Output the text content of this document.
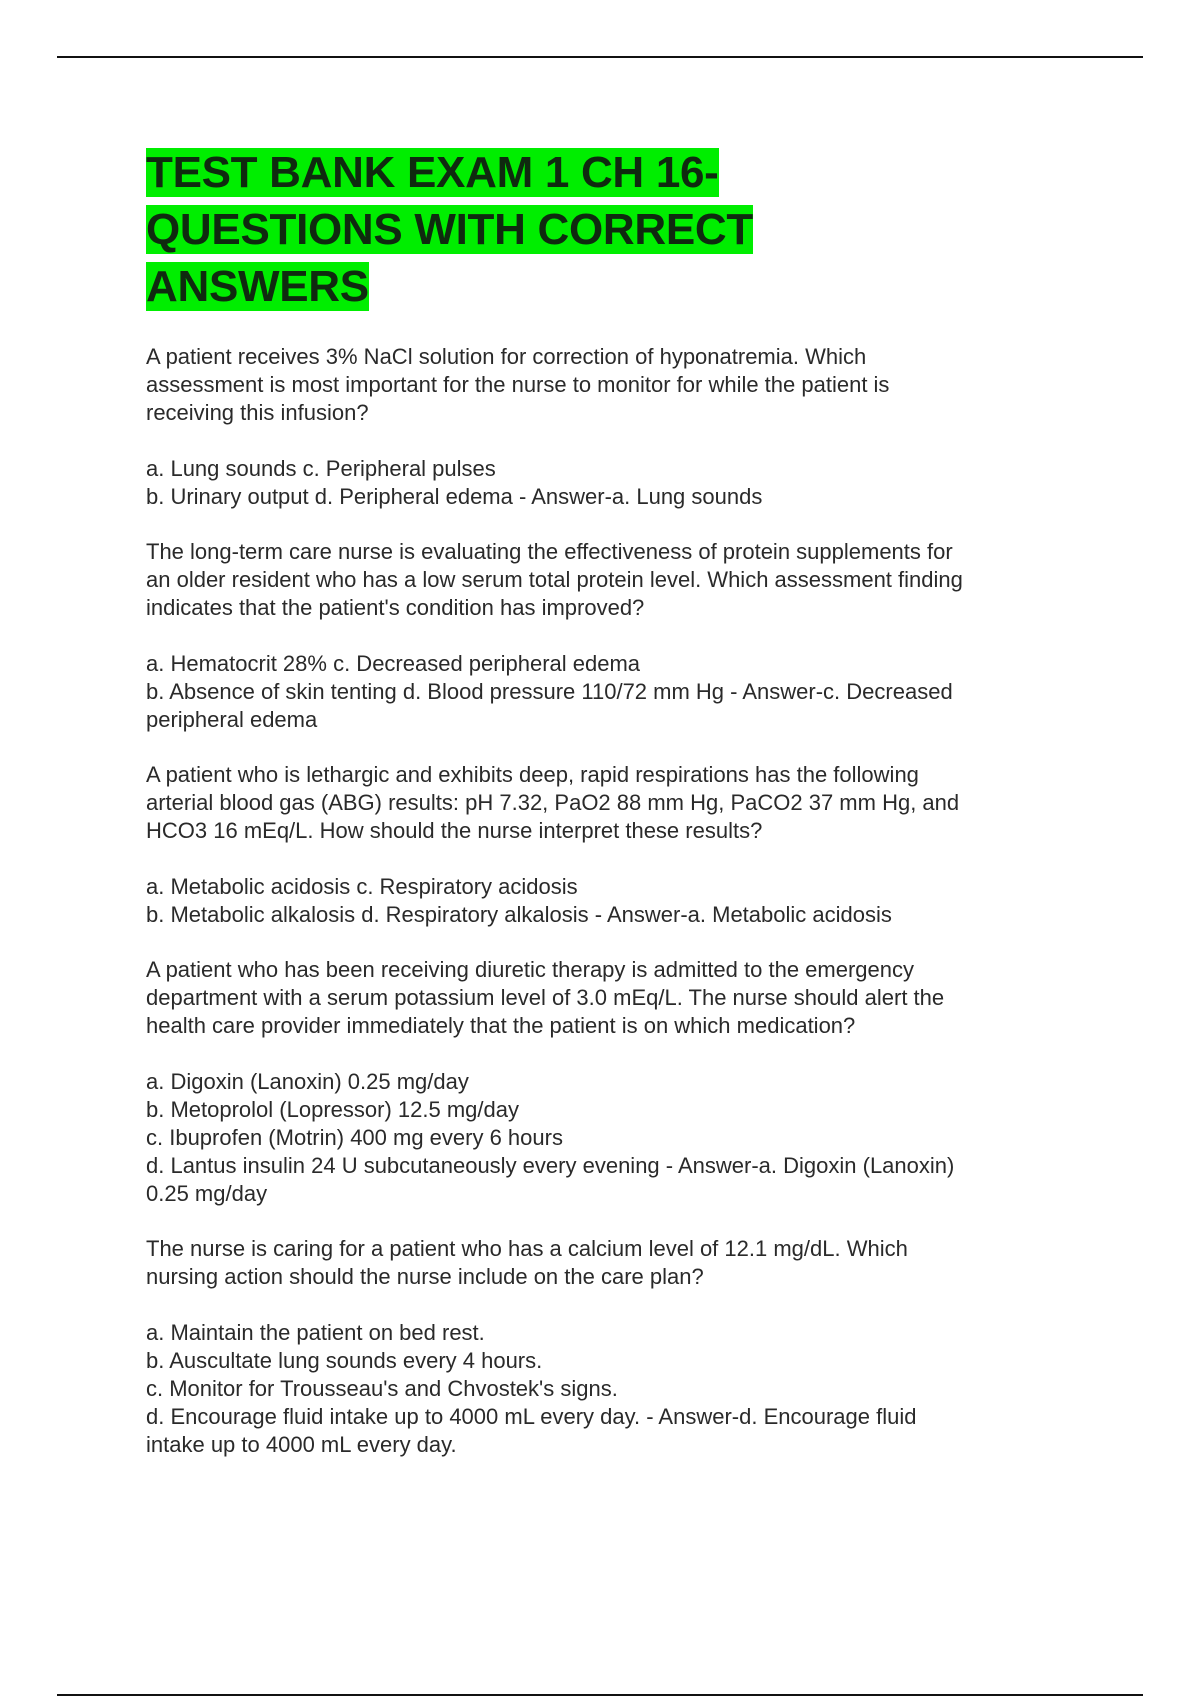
TEST BANK EXAM 1 CH 16-
QUESTIONS WITH CORRECT
ANSWERS

A patient receives 3% NaCl solution for correction of hyponatremia. Which
assessment is most important for the nurse to monitor for while the patient is
receiving this infusion?

a. Lung sounds c. Peripheral pulses
b. Urinary output d. Peripheral edema - Answer-a. Lung sounds

The long-term care nurse is evaluating the effectiveness of protein supplements for
an older resident who has a low serum total protein level. Which assessment finding
indicates that the patient's condition has improved?

a. Hematocrit 28% c. Decreased peripheral edema
b. Absence of skin tenting d. Blood pressure 110/72 mm Hg - Answer-c. Decreased
peripheral edema

A patient who is lethargic and exhibits deep, rapid respirations has the following
arterial blood gas (ABG) results: pH 7.32, PaO2 88 mm Hg, PaCO2 37 mm Hg, and
HCO3 16 mEq/L. How should the nurse interpret these results?

a. Metabolic acidosis c. Respiratory acidosis
b. Metabolic alkalosis d. Respiratory alkalosis - Answer-a. Metabolic acidosis

A patient who has been receiving diuretic therapy is admitted to the emergency
department with a serum potassium level of 3.0 mEq/L. The nurse should alert the
health care provider immediately that the patient is on which medication?

a. Digoxin (Lanoxin) 0.25 mg/day
b. Metoprolol (Lopressor) 12.5 mg/day
c. Ibuprofen (Motrin) 400 mg every 6 hours
d. Lantus insulin 24 U subcutaneously every evening - Answer-a. Digoxin (Lanoxin)
0.25 mg/day

The nurse is caring for a patient who has a calcium level of 12.1 mg/dL. Which
nursing action should the nurse include on the care plan?

a. Maintain the patient on bed rest.
b. Auscultate lung sounds every 4 hours.
c. Monitor for Trousseau's and Chvostek's signs.
d. Encourage fluid intake up to 4000 mL every day. - Answer-d. Encourage fluid
intake up to 4000 mL every day.
